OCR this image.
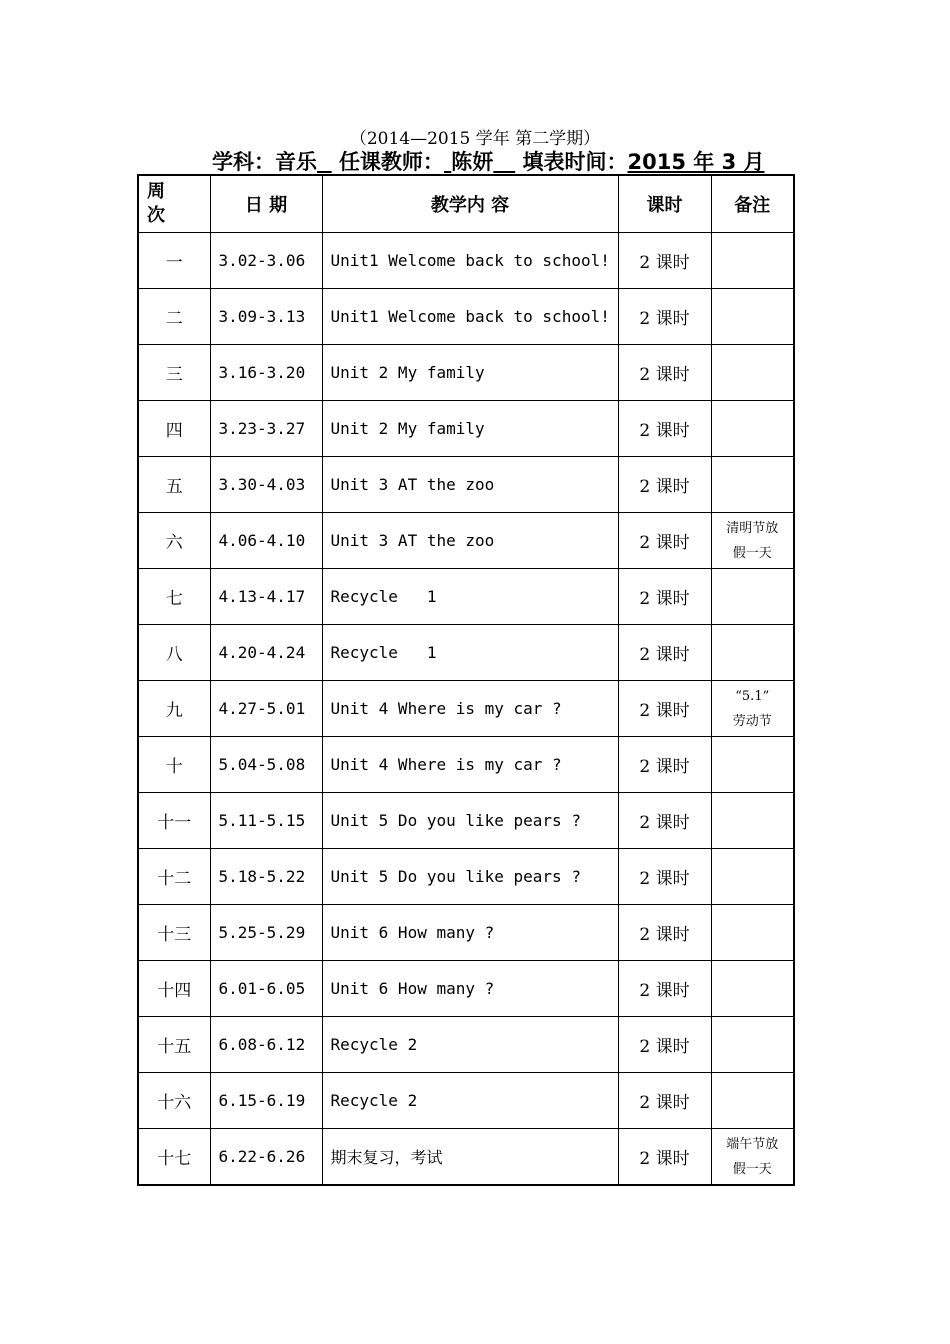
（2014—2015 学年 第二学期）
学科：音乐 任课教师： 陈妍 填表时间：2015 年 3 月
周
次	日 期	教学内 容	课时	备注
一	3.02-3.06	Unit1 Welcome back to school!	2 课时	
二	3.09-3.13	Unit1 Welcome back to school!	2 课时	
三	3.16-3.20	Unit 2 My family	2 课时	
四	3.23-3.27	Unit 2 My family	2 课时	
五	3.30-4.03	Unit 3 AT the zoo	2 课时	
六	4.06-4.10	Unit 3 AT the zoo	2 课时	清明节放
假一天
七	4.13-4.17	Recycle   1	2 课时	
八	4.20-4.24	Recycle   1	2 课时	
九	4.27-5.01	Unit 4 Where is my car ?	2 课时	“5.1”
劳动节
十	5.04-5.08	Unit 4 Where is my car ?	2 课时	
十一	5.11-5.15	Unit 5 Do you like pears ?	2 课时	
十二	5.18-5.22	Unit 5 Do you like pears ?	2 课时	
十三	5.25-5.29	Unit 6 How many ?	2 课时	
十四	6.01-6.05	Unit 6 How many ?	2 课时	
十五	6.08-6.12	Recycle 2	2 课时	
十六	6.15-6.19	Recycle 2	2 课时	
十七	6.22-6.26	期末复习，考试	2 课时	端午节放
假一天
